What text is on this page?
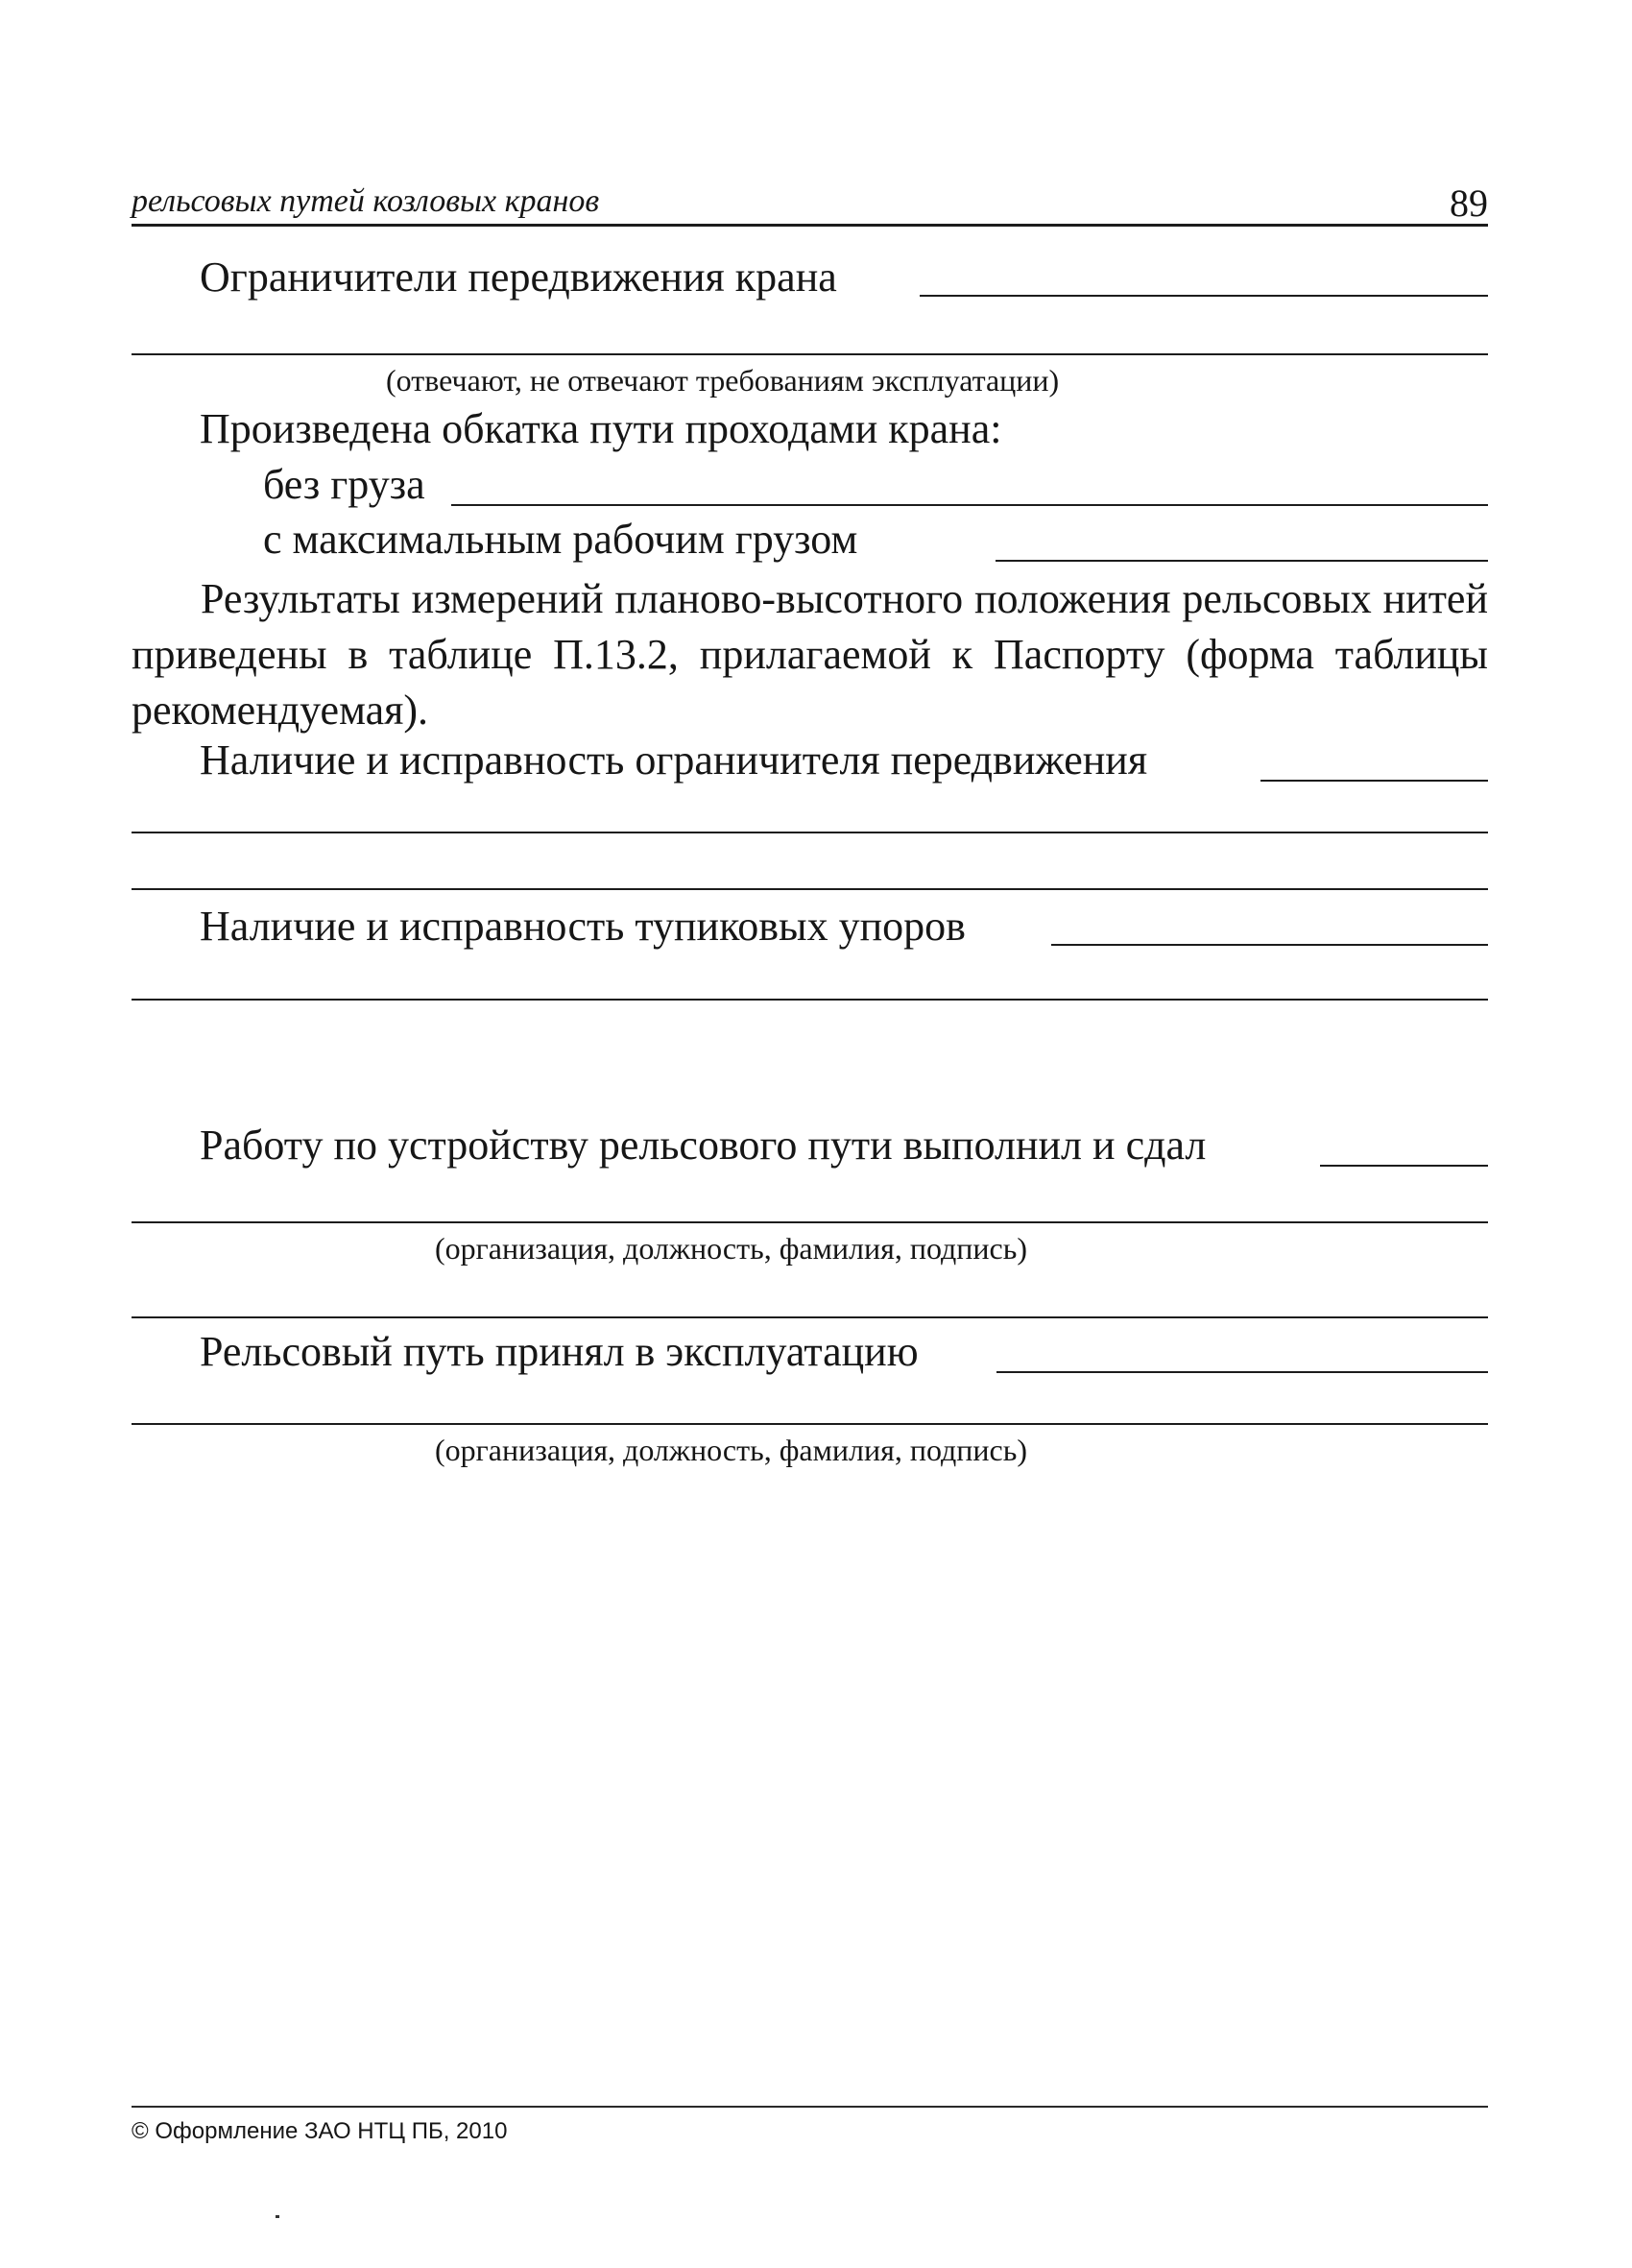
рельсовых путей козловых кранов	89
Ограничители передвижения крана
(отвечают, не отвечают требованиям эксплуатации)
Произведена обкатка пути проходами крана:
без груза
с максимальным рабочим грузом
Результаты измерений планово-высотного положения рельсовых нитей приведены в таблице П.13.2, прилагаемой к Паспорту (форма таблицы рекомендуемая).
Наличие и исправность ограничителя передвижения
Наличие и исправность тупиковых упоров
Работу по устройству рельсового пути выполнил и сдал
(организация, должность, фамилия, подпись)
Рельсовый путь принял в эксплуатацию
(организация, должность, фамилия, подпись)
© Оформление ЗАО НТЦ ПБ, 2010
